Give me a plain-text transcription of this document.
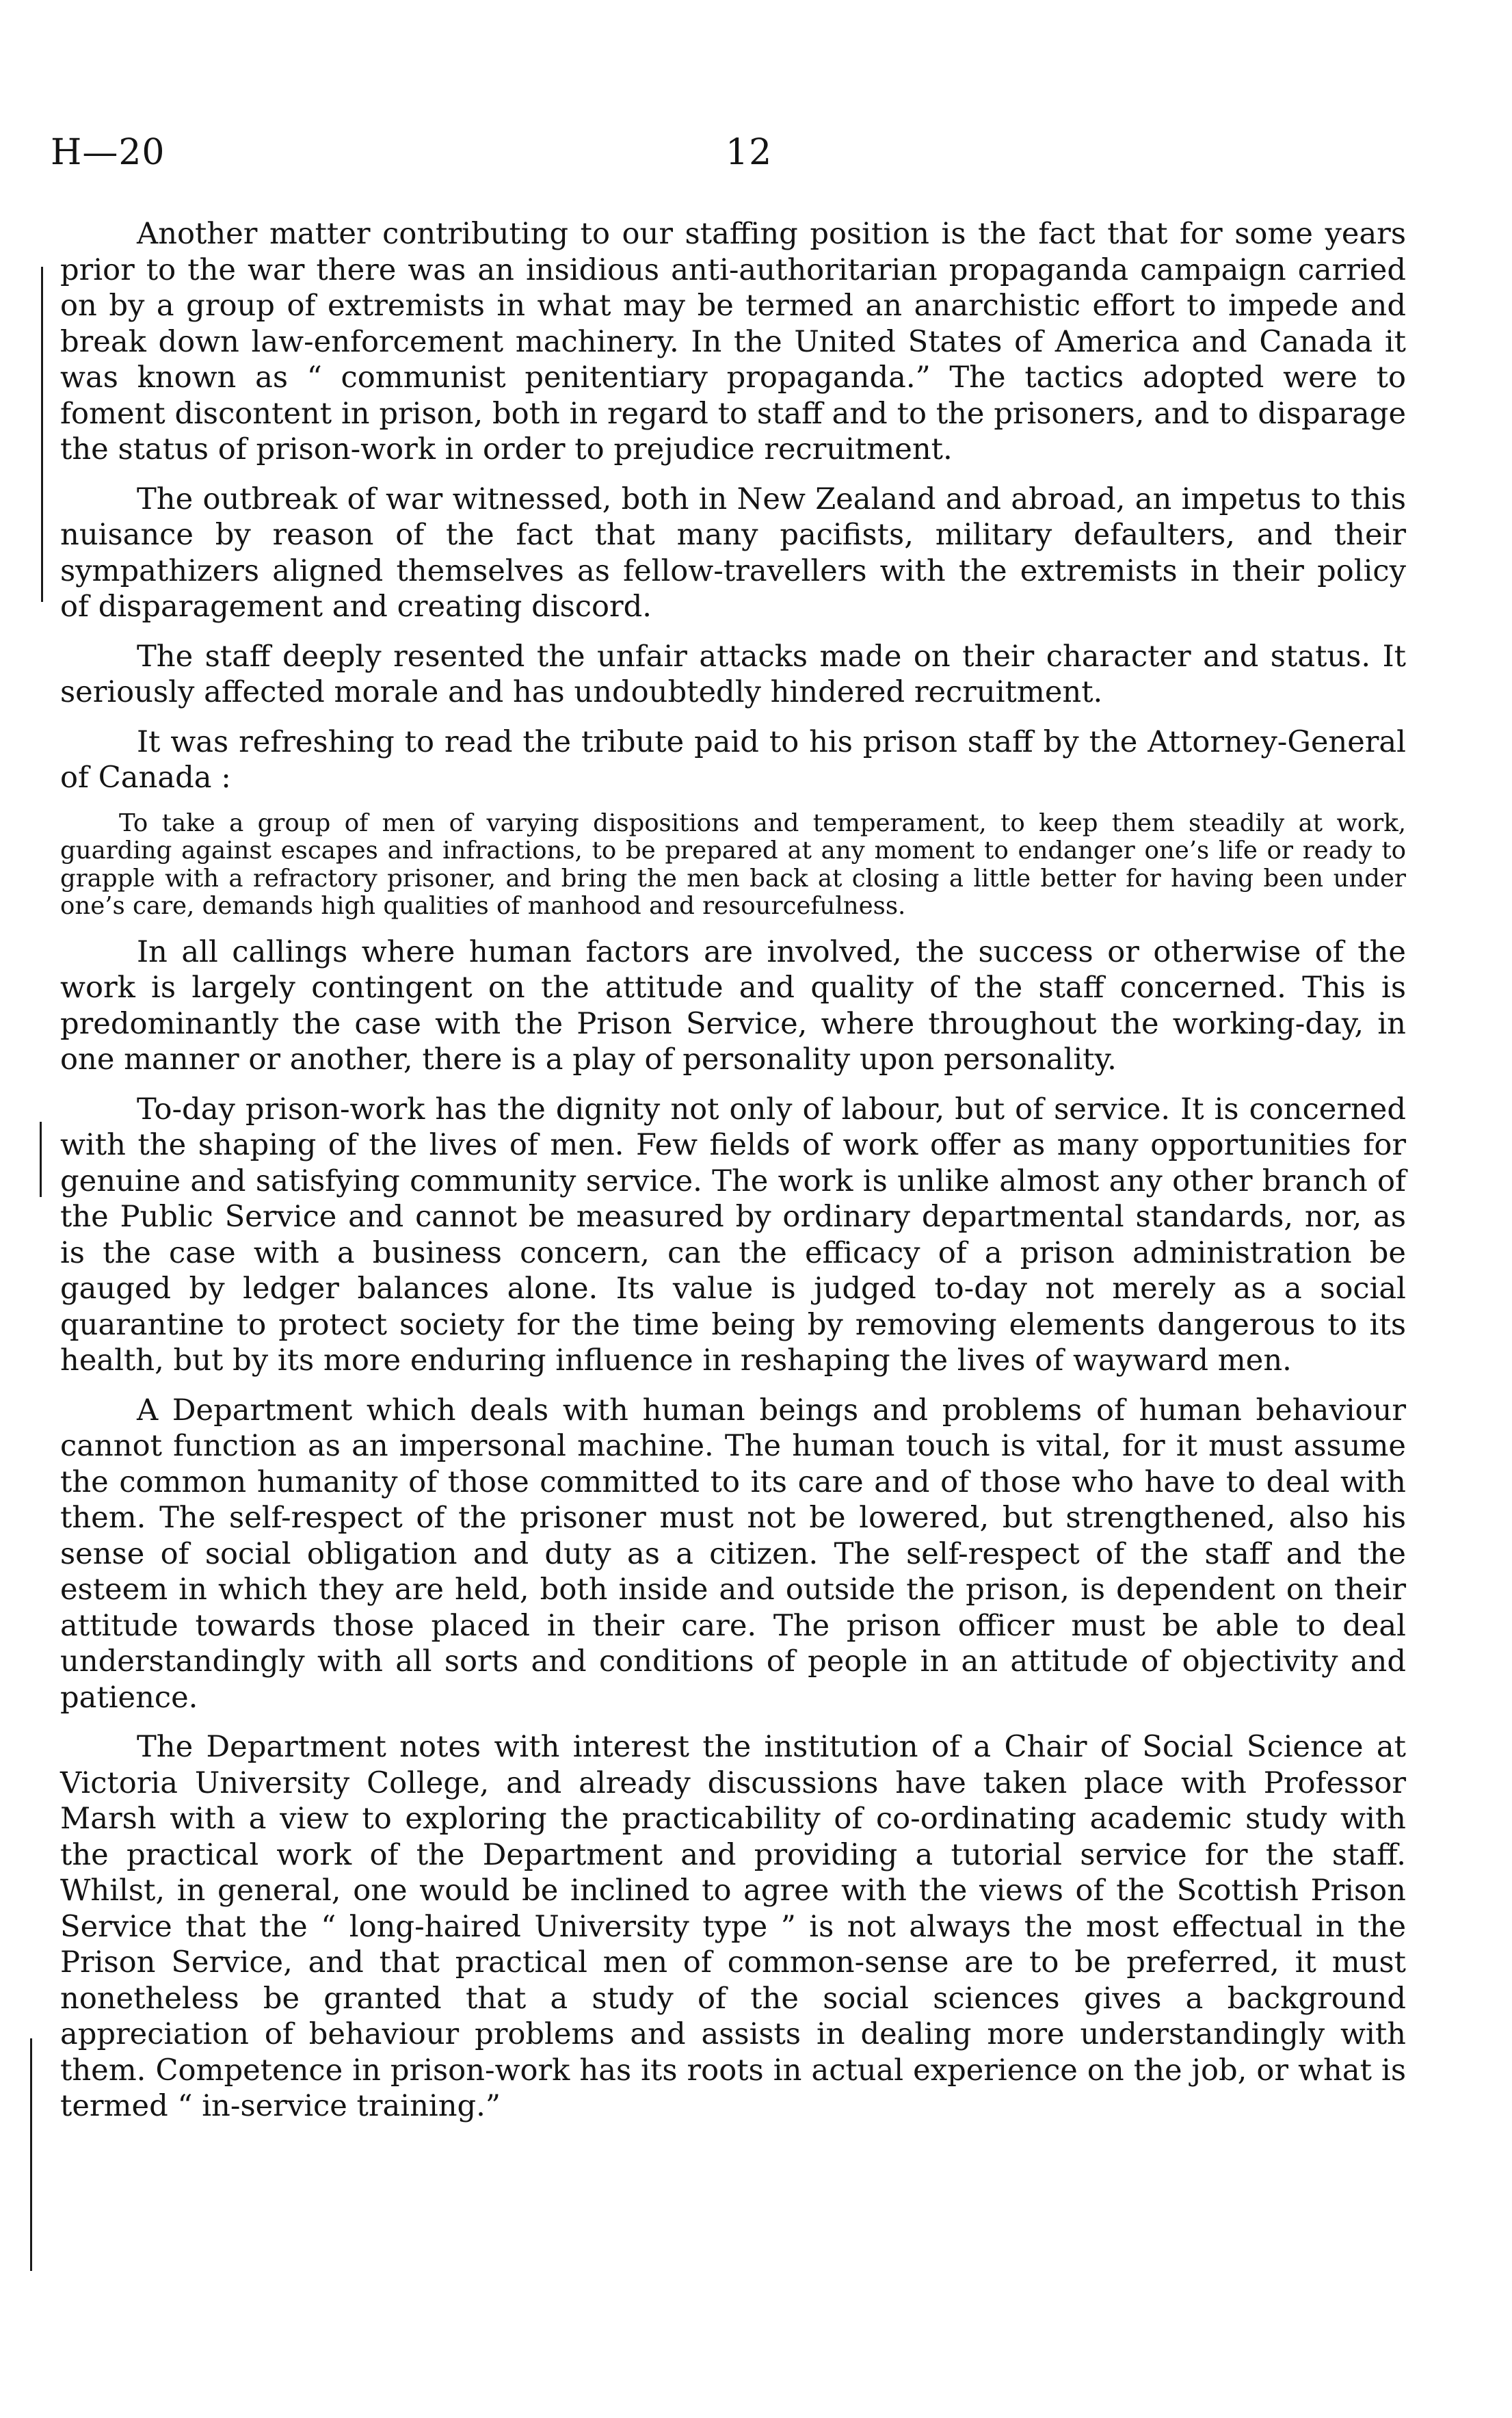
H—20	12

Another matter contributing to our staffing position is the fact that for some years prior to the war there was an insidious anti-authoritarian propaganda campaign carried on by a group of extremists in what may be termed an anarchistic effort to impede and break down law-enforcement machinery. In the United States of America and Canada it was known as “ communist penitentiary propaganda.” The tactics adopted were to foment discontent in prison, both in regard to staff and to the prisoners, and to disparage the status of prison-work in order to prejudice recruitment.

The outbreak of war witnessed, both in New Zealand and abroad, an impetus to this nuisance by reason of the fact that many pacifists, military defaulters, and their sympathizers aligned themselves as fellow-travellers with the extremists in their policy of disparagement and creating discord.

The staff deeply resented the unfair attacks made on their character and status. It seriously affected morale and has undoubtedly hindered recruitment.

It was refreshing to read the tribute paid to his prison staff by the Attorney-General of Canada :

To take a group of men of varying dispositions and temperament, to keep them steadily at work, guarding against escapes and infractions, to be prepared at any moment to endanger one’s life or ready to grapple with a refractory prisoner, and bring the men back at closing a little better for having been under one’s care, demands high qualities of manhood and resourcefulness.

In all callings where human factors are involved, the success or otherwise of the work is largely contingent on the attitude and quality of the staff concerned. This is predominantly the case with the Prison Service, where throughout the working-day, in one manner or another, there is a play of personality upon personality.

To-day prison-work has the dignity not only of labour, but of service. It is concerned with the shaping of the lives of men. Few fields of work offer as many opportunities for genuine and satisfying community service. The work is unlike almost any other branch of the Public Service and cannot be measured by ordinary departmental standards, nor, as is the case with a business concern, can the efficacy of a prison administration be gauged by ledger balances alone. Its value is judged to-day not merely as a social quarantine to protect society for the time being by removing elements dangerous to its health, but by its more enduring influence in reshaping the lives of wayward men.

A Department which deals with human beings and problems of human behaviour cannot function as an impersonal machine. The human touch is vital, for it must assume the common humanity of those committed to its care and of those who have to deal with them. The self-respect of the prisoner must not be lowered, but strengthened, also his sense of social obligation and duty as a citizen. The self-respect of the staff and the esteem in which they are held, both inside and outside the prison, is dependent on their attitude towards those placed in their care. The prison officer must be able to deal understandingly with all sorts and conditions of people in an attitude of objectivity and patience.

The Department notes with interest the institution of a Chair of Social Science at Victoria University College, and already discussions have taken place with Professor Marsh with a view to exploring the practicability of co-ordinating academic study with the practical work of the Department and providing a tutorial service for the staff. Whilst, in general, one would be inclined to agree with the views of the Scottish Prison Service that the “ long-haired University type ” is not always the most effectual in the Prison Service, and that practical men of common-sense are to be preferred, it must nonetheless be granted that a study of the social sciences gives a background appreciation of behaviour problems and assists in dealing more understandingly with them. Competence in prison-work has its roots in actual experience on the job, or what is termed “ in-service training.”
